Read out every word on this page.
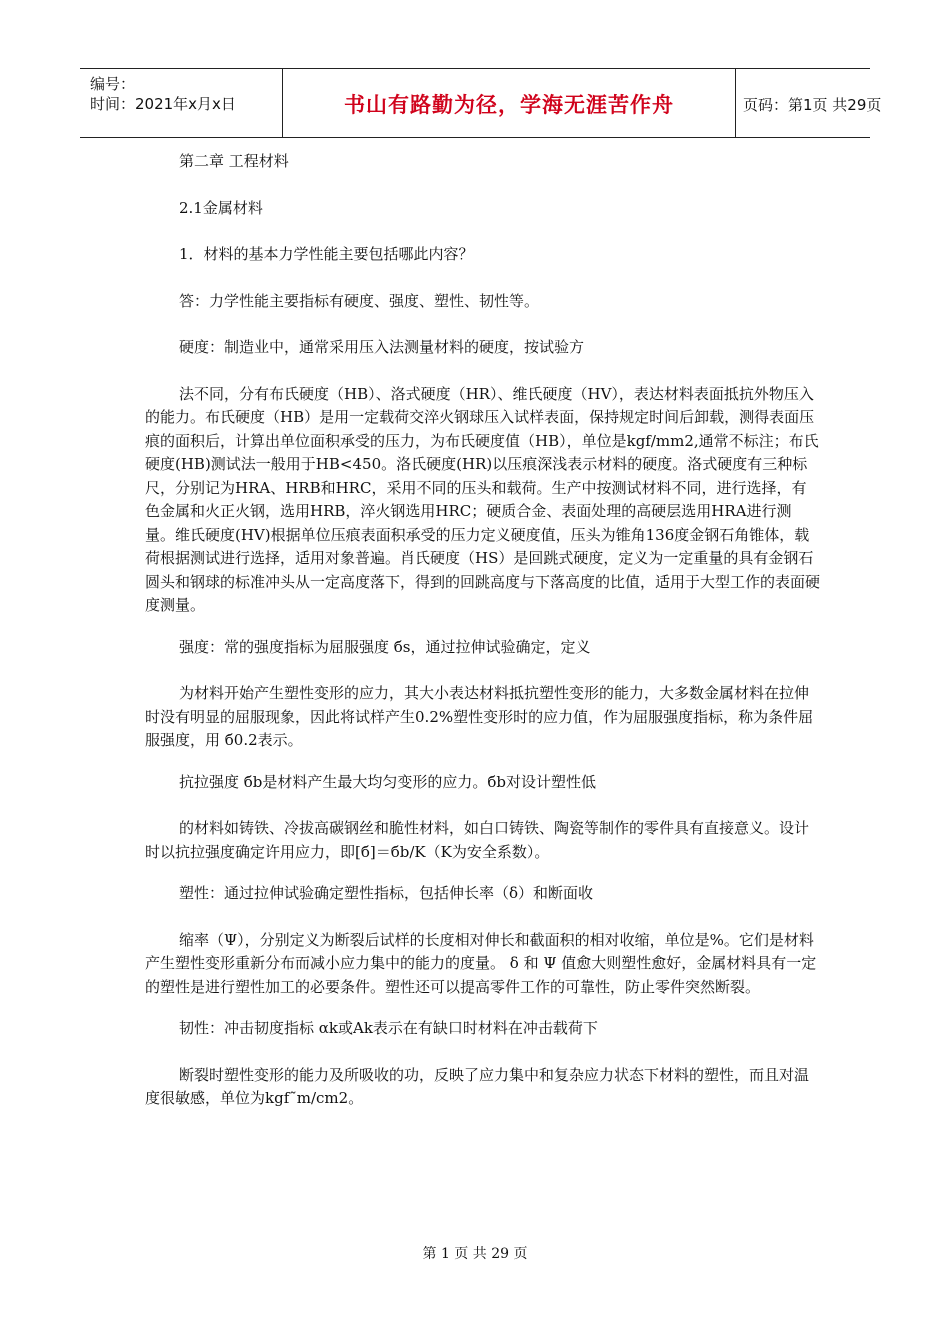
编号：
时间：2021年x月x日	书山有路勤为径，学海无涯苦作舟	页码：第1页 共29页

第二章 工程材料

2.1金属材料

1．材料的基本力学性能主要包括哪此内容？

答：力学性能主要指标有硬度、强度、塑性、韧性等。

硬度：制造业中，通常采用压入法测量材料的硬度，按试验方

法不同，分有布氏硬度（HB）、洛式硬度（HR）、维氏硬度（HV），表达材料表面抵抗外物压入的能力。布氏硬度（HB）是用一定载荷交淬火钢球压入试样表面，保持规定时间后卸载，测得表面压痕的面积后，计算出单位面积承受的压力，为布氏硬度值（HB），单位是kgf/mm2,通常不标注；布氏硬度(HB)测试法一般用于HB<450。洛氏硬度(HR)以压痕深浅表示材料的硬度。洛式硬度有三种标尺，分别记为HRA、HRB和HRC，采用不同的压头和载荷。生产中按测试材料不同，进行选择，有色金属和火正火钢，选用HRB，淬火钢选用HRC；硬质合金、表面处理的高硬层选用HRA进行测量。维氏硬度(HV)根据单位压痕表面积承受的压力定义硬度值，压头为锥角136度金钢石角锥体，载荷根据测试进行选择，适用对象普遍。肖氏硬度（HS）是回跳式硬度，定义为一定重量的具有金钢石圆头和钢球的标准冲头从一定高度落下，得到的回跳高度与下落高度的比值，适用于大型工作的表面硬度测量。

强度：常的强度指标为屈服强度 бs，通过拉伸试验确定，定义

为材料开始产生塑性变形的应力，其大小表达材料抵抗塑性变形的能力，大多数金属材料在拉伸时没有明显的屈服现象，因此将试样产生0.2%塑性变形时的应力值，作为屈服强度指标，称为条件屈服强度，用 б0.2表示。

抗拉强度 бb是材料产生最大均匀变形的应力。бb对设计塑性低

的材料如铸铁、冷拔高碳钢丝和脆性材料，如白口铸铁、陶瓷等制作的零件具有直接意义。设计时以抗拉强度确定许用应力，即[б]＝бb/K（K为安全系数）。

塑性：通过拉伸试验确定塑性指标，包括伸长率（δ）和断面收

缩率（Ψ），分别定义为断裂后试样的长度相对伸长和截面积的相对收缩，单位是%。它们是材料产生塑性变形重新分布而减小应力集中的能力的度量。 δ 和 Ψ 值愈大则塑性愈好，金属材料具有一定的塑性是进行塑性加工的必要条件。塑性还可以提高零件工作的可靠性，防止零件突然断裂。

韧性：冲击韧度指标 αk或Ak表示在有缺口时材料在冲击载荷下

断裂时塑性变形的能力及所吸收的功，反映了应力集中和复杂应力状态下材料的塑性，而且对温度很敏感，单位为kgf˜m/cm2。

第 1 页 共 29 页
